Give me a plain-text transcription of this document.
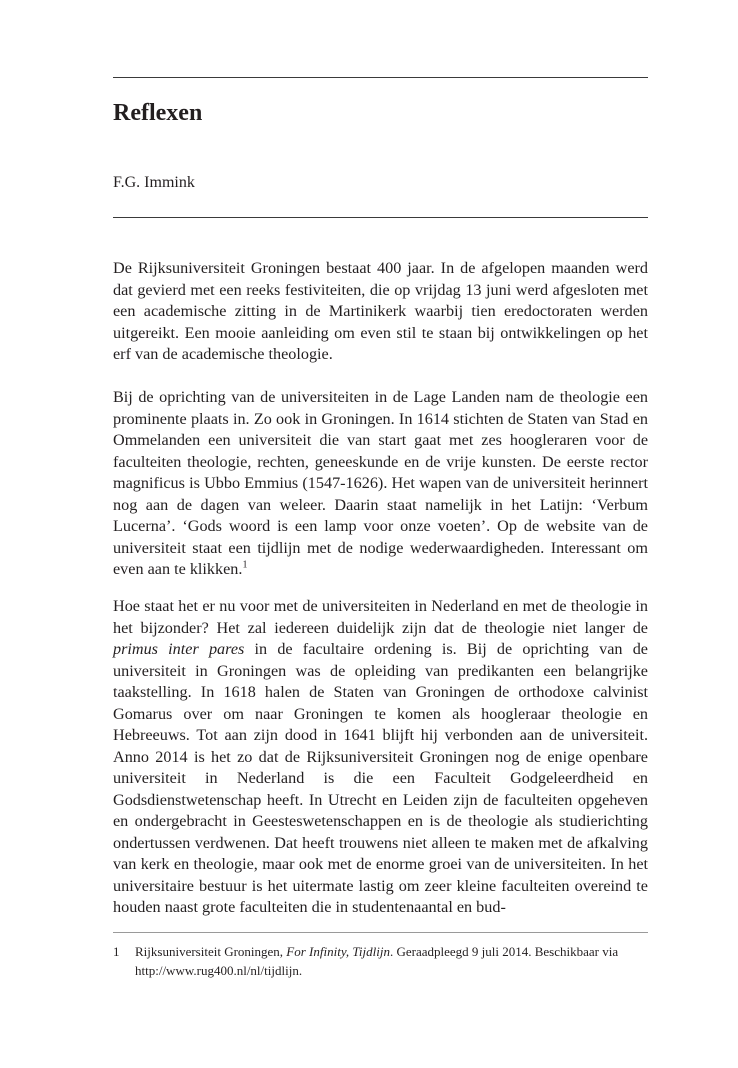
Reflexen
F.G. Immink

De Rijksuniversiteit Groningen bestaat 400 jaar. In de afgelopen maanden werd dat gevierd met een reeks festiviteiten, die op vrijdag 13 juni werd afgesloten met een academische zitting in de Martinikerk waarbij tien eredoctoraten werden uitgereikt. Een mooie aanleiding om even stil te staan bij ontwikkelingen op het erf van de academische theologie.

Bij de oprichting van de universiteiten in de Lage Landen nam de theologie een prominente plaats in. Zo ook in Groningen. In 1614 stichten de Staten van Stad en Ommelanden een universiteit die van start gaat met zes hoogleraren voor de faculteiten theologie, rechten, geneeskunde en de vrije kunsten. De eerste rector magnificus is Ubbo Emmius (1547-1626). Het wapen van de universiteit herinnert nog aan de dagen van weleer. Daarin staat namelijk in het Latijn: ‘Verbum Lucerna’. ‘Gods woord is een lamp voor onze voeten’. Op de website van de universiteit staat een tijdlijn met de nodige wederwaardigheden. Interessant om even aan te klikken.$^1$

Hoe staat het er nu voor met de universiteiten in Nederland en met de theologie in het bijzonder? Het zal iedereen duidelijk zijn dat de theologie niet langer de primus inter pares in de facultaire ordening is. Bij de oprichting van de universiteit in Groningen was de opleiding van predikanten een belangrijke taakstelling. In 1618 halen de Staten van Groningen de orthodoxe calvinist Gomarus over om naar Groningen te komen als hoogleraar theologie en Hebreeuws. Tot aan zijn dood in 1641 blijft hij verbonden aan de universiteit. Anno 2014 is het zo dat de Rijksuniversiteit Groningen nog de enige openbare universiteit in Nederland is die een Faculteit Godgeleerdheid en Godsdienstwetenschap heeft. In Utrecht en Leiden zijn de faculteiten opgeheven en ondergebracht in Geesteswetenschappen en is de theologie als studierichting ondertussen verdwenen. Dat heeft trouwens niet alleen te maken met de afkalving van kerk en theologie, maar ook met de enorme groei van de universiteiten. In het universitaire bestuur is het uitermate lastig om zeer kleine faculteiten overeind te houden naast grote faculteiten die in studentenaantal en bud-

1	Rijksuniversiteit Groningen, For Infinity, Tijdlijn. Geraadpleegd 9 juli 2014. Beschikbaar via http://www.rug400.nl/nl/tijdlijn.
